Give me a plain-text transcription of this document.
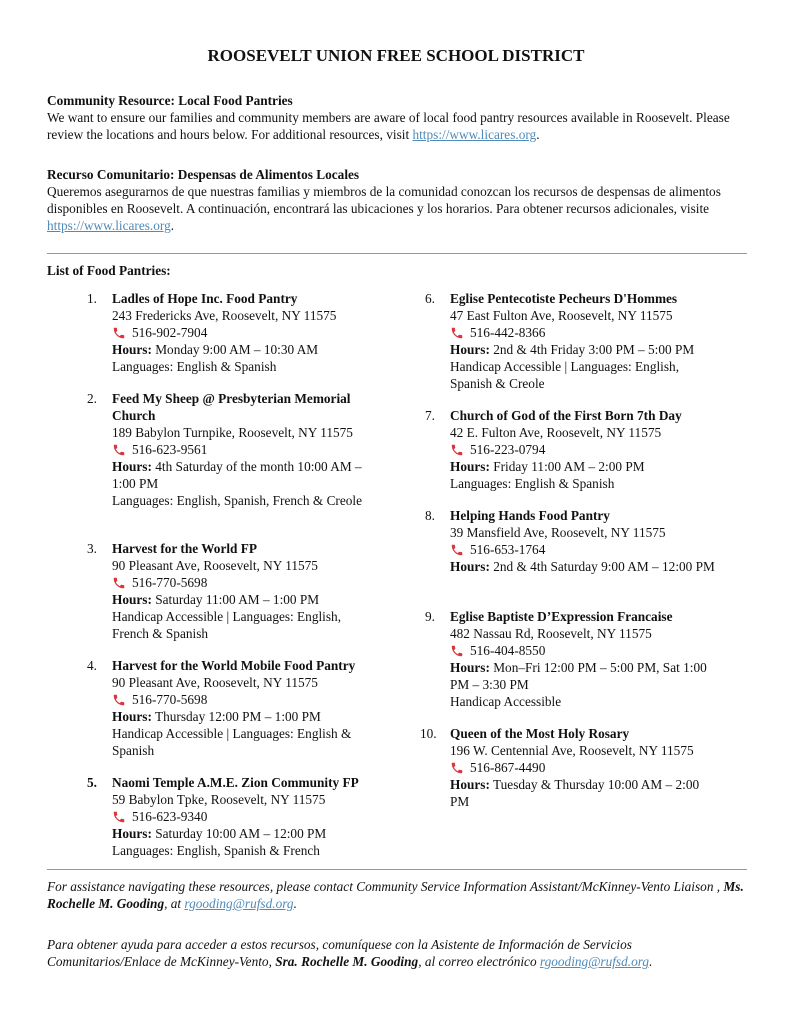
ROOSEVELT UNION FREE SCHOOL DISTRICT
Community Resource: Local Food Pantries
We want to ensure our families and community members are aware of local food pantry resources available in Roosevelt. Please review the locations and hours below. For additional resources, visit https://www.licares.org.
Recurso Comunitario: Despensas de Alimentos Locales
Queremos asegurarnos de que nuestras familias y miembros de la comunidad conozcan los recursos de despensas de alimentos disponibles en Roosevelt. A continuación, encontrará las ubicaciones y los horarios. Para obtener recursos adicionales, visite https://www.licares.org.
List of Food Pantries:
1. Ladles of Hope Inc. Food Pantry
243 Fredericks Ave, Roosevelt, NY 11575
516-902-7904
Hours: Monday 9:00 AM – 10:30 AM
Languages: English & Spanish
2. Feed My Sheep @ Presbyterian Memorial Church
189 Babylon Turnpike, Roosevelt, NY 11575
516-623-9561
Hours: 4th Saturday of the month 10:00 AM – 1:00 PM
Languages: English, Spanish, French & Creole
3. Harvest for the World FP
90 Pleasant Ave, Roosevelt, NY 11575
516-770-5698
Hours: Saturday 11:00 AM – 1:00 PM
Handicap Accessible | Languages: English, French & Spanish
4. Harvest for the World Mobile Food Pantry
90 Pleasant Ave, Roosevelt, NY 11575
516-770-5698
Hours: Thursday 12:00 PM – 1:00 PM
Handicap Accessible | Languages: English & Spanish
5. Naomi Temple A.M.E. Zion Community FP
59 Babylon Tpke, Roosevelt, NY 11575
516-623-9340
Hours: Saturday 10:00 AM – 12:00 PM
Languages: English, Spanish & French
6. Eglise Pentecotiste Pecheurs D'Hommes
47 East Fulton Ave, Roosevelt, NY 11575
516-442-8366
Hours: 2nd & 4th Friday 3:00 PM – 5:00 PM
Handicap Accessible | Languages: English, Spanish & Creole
7. Church of God of the First Born 7th Day
42 E. Fulton Ave, Roosevelt, NY 11575
516-223-0794
Hours: Friday 11:00 AM – 2:00 PM
Languages: English & Spanish
8. Helping Hands Food Pantry
39 Mansfield Ave, Roosevelt, NY 11575
516-653-1764
Hours: 2nd & 4th Saturday 9:00 AM – 12:00 PM
9. Eglise Baptiste D’Expression Francaise
482 Nassau Rd, Roosevelt, NY 11575
516-404-8550
Hours: Mon–Fri 12:00 PM – 5:00 PM, Sat 1:00 PM – 3:30 PM
Handicap Accessible
10. Queen of the Most Holy Rosary
196 W. Centennial Ave, Roosevelt, NY 11575
516-867-4490
Hours: Tuesday & Thursday 10:00 AM – 2:00 PM
For assistance navigating these resources, please contact Community Service Information Assistant/McKinney-Vento Liaison , Ms. Rochelle M. Gooding, at rgooding@rufsd.org.
Para obtener ayuda para acceder a estos recursos, comuníquese con la Asistente de Información de Servicios Comunitarios/Enlace de McKinney-Vento, Sra. Rochelle M. Gooding, al correo electrónico rgooding@rufsd.org.
